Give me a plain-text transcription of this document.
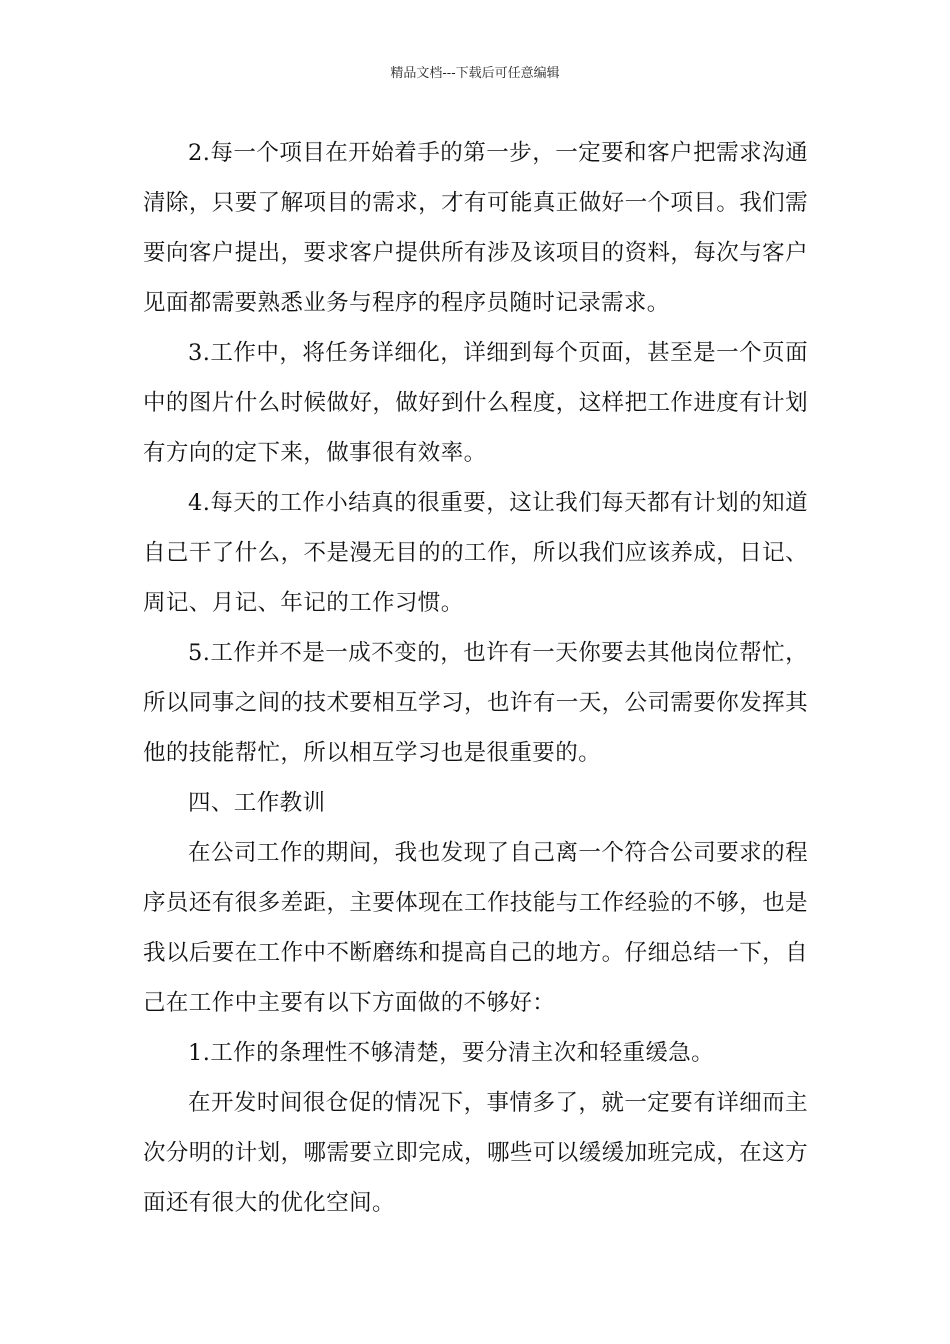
精品文档---下载后可任意编辑

2.每一个项目在开始着手的第一步，一定要和客户把需求沟通清除，只要了解项目的需求，才有可能真正做好一个项目。我们需要向客户提出，要求客户提供所有涉及该项目的资料，每次与客户见面都需要熟悉业务与程序的程序员随时记录需求。

3.工作中，将任务详细化，详细到每个页面，甚至是一个页面中的图片什么时候做好，做好到什么程度，这样把工作进度有计划有方向的定下来，做事很有效率。

4.每天的工作小结真的很重要，这让我们每天都有计划的知道自己干了什么，不是漫无目的的工作，所以我们应该养成，日记、周记、月记、年记的工作习惯。

5.工作并不是一成不变的，也许有一天你要去其他岗位帮忙，所以同事之间的技术要相互学习，也许有一天，公司需要你发挥其他的技能帮忙，所以相互学习也是很重要的。

四、工作教训

在公司工作的期间，我也发现了自己离一个符合公司要求的程序员还有很多差距，主要体现在工作技能与工作经验的不够，也是我以后要在工作中不断磨练和提高自己的地方。仔细总结一下，自己在工作中主要有以下方面做的不够好：

1.工作的条理性不够清楚，要分清主次和轻重缓急。

在开发时间很仓促的情况下，事情多了，就一定要有详细而主次分明的计划，哪需要立即完成，哪些可以缓缓加班完成，在这方面还有很大的优化空间。
